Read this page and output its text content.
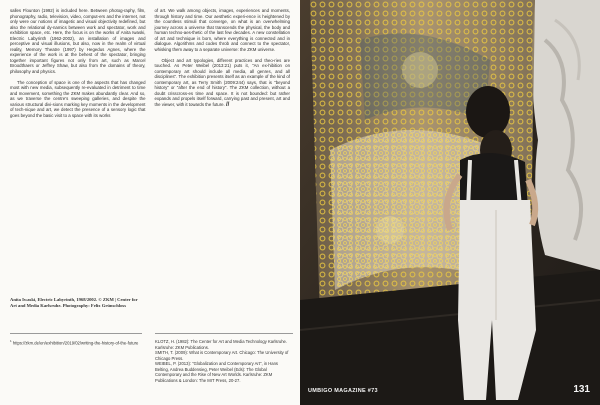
salles Flounton (1992) is included here. Between photog-raphy, film, phonography, radio, television, video, comput-ers and the internet, not only were our notions of imagetic and visual objectivity redefined, but also the relational dy-namics between work and spectator, work and exhibition space, etc. Here, the focus is on the works of Anita Iwaski, Electric Labyrinth (1962-2002), an installation of images and perceptive and visual illusions, but also, now in the realm of virtual reality, Memory Theatre (1997) by Hegedus Agnes, where the experience of the work is at the behest of the spectator, bringing together important figures not only from art, such as Marcel Broodthaers or Jeffrey Shaw, but also from the domains of theory, philosophy and physics.

The conception of space is one of the aspects that has changed most with new media, subsequently re-evaluated in detriment to time and movement, something the ZKM makes abundantly clear. And so, as we traverse the centre's sweeping galleries, and despite the various structural divi-sions marking key moments in the development of tech-nique and art, we detect the presence of a sensory logic that goes beyond the basic visit to a space with its works

of art. We walk among objects, images, experiences and moments, through history and time. Our aesthetic experi-ence is heightened by the countless stimuli that converge, on what is an overwhelming journey across a universe that transcends the physical, the body and human techno-aes-thetic of the last few decades. A new constellation of art and technique is born, where everything is connected and in dialogue. Algorithms and codes throb and connect to the spectator, whisking them away to a separate universe: the ZKM universe.

Object and art typologies, different practices and theo-ries are touched. As Peter Weibel (2013:21) puts it, "An ex-hibition on contemporary art should include all media, all genres, and all disciplines". The exhibition presents itself as an example of the kind of contemporary art, as Terry Smith (2009:244) says, that is "beyond history" or "after the end of history". The ZKM collection, without a doubt crisscross-es time and space. It is not bounded: but rather expands and propels itself forward, carrying past and present, art and the viewer, with it towards the future. //

Anita Iwaski, Electric Labyrinth, 1968/2002. © ZKM | Center for Art and Media Karlsruhe. Photography: Felix Grünschloss
$^1$ https://zkm.de/en/exhibition/2019/02/writing-the-history-of-the-future	KLOTZ, H. (1982): The Center for Art and Media Technology Karlsruhe. Karlsruhe: ZKM Publications.

SMITH, T. (2009): What is Contemporary Art. Chicago: The University of Chicago Press.

WEIBEL, P. (2013): "Globalization and Contemporary Art", in Hans Belting, Andrea Buddensieg, Peter Weibel (Eds): The Global Contemporary and the Rise of New Art Worlds. Karlsruhe: ZKM Publications & London: The MIT Press, 20-27.

UMBIGO MAGAZINE #73	131
